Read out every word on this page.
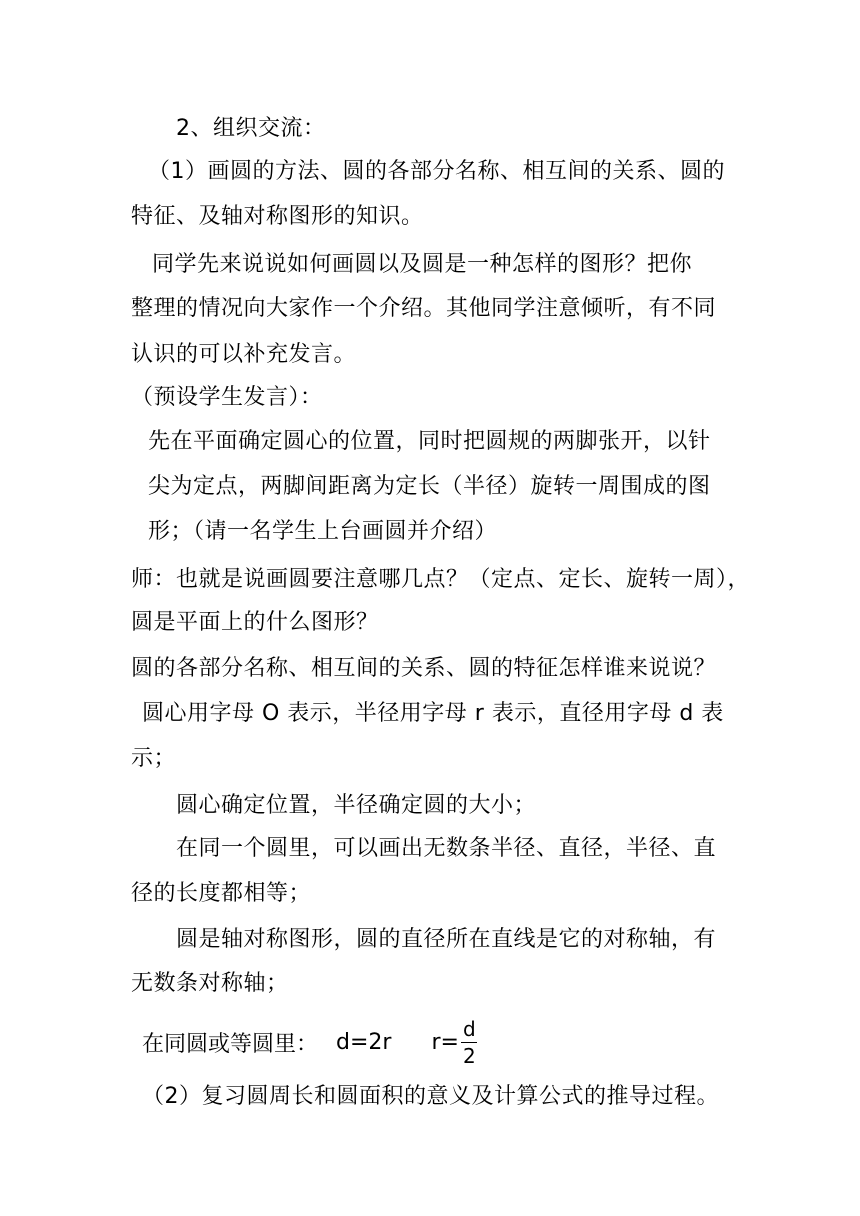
2、组织交流：
（1）画圆的方法、圆的各部分名称、相互间的关系、圆的
特征、及轴对称图形的知识。
同学先来说说如何画圆以及圆是一种怎样的图形？把你
整理的情况向大家作一个介绍。其他同学注意倾听，有不同
认识的可以补充发言。
（预设学生发言）：
先在平面确定圆心的位置，同时把圆规的两脚张开，以针
尖为定点，两脚间距离为定长（半径）旋转一周围成的图
形；（请一名学生上台画圆并介绍）
师：也就是说画圆要注意哪几点？（定点、定长、旋转一周），
圆是平面上的什么图形？
圆的各部分名称、相互间的关系、圆的特征怎样谁来说说？
圆心用字母 O 表示，半径用字母 r 表示，直径用字母 d 表
示；
圆心确定位置，半径确定圆的大小；
在同一个圆里，可以画出无数条半径、直径，半径、直
径的长度都相等；
圆是轴对称图形，圆的直径所在直线是它的对称轴，有
无数条对称轴；
在同圆或等圆里： d=2r $r= \frac{d}{2}$
（2）复习圆周长和圆面积的意义及计算公式的推导过程。
